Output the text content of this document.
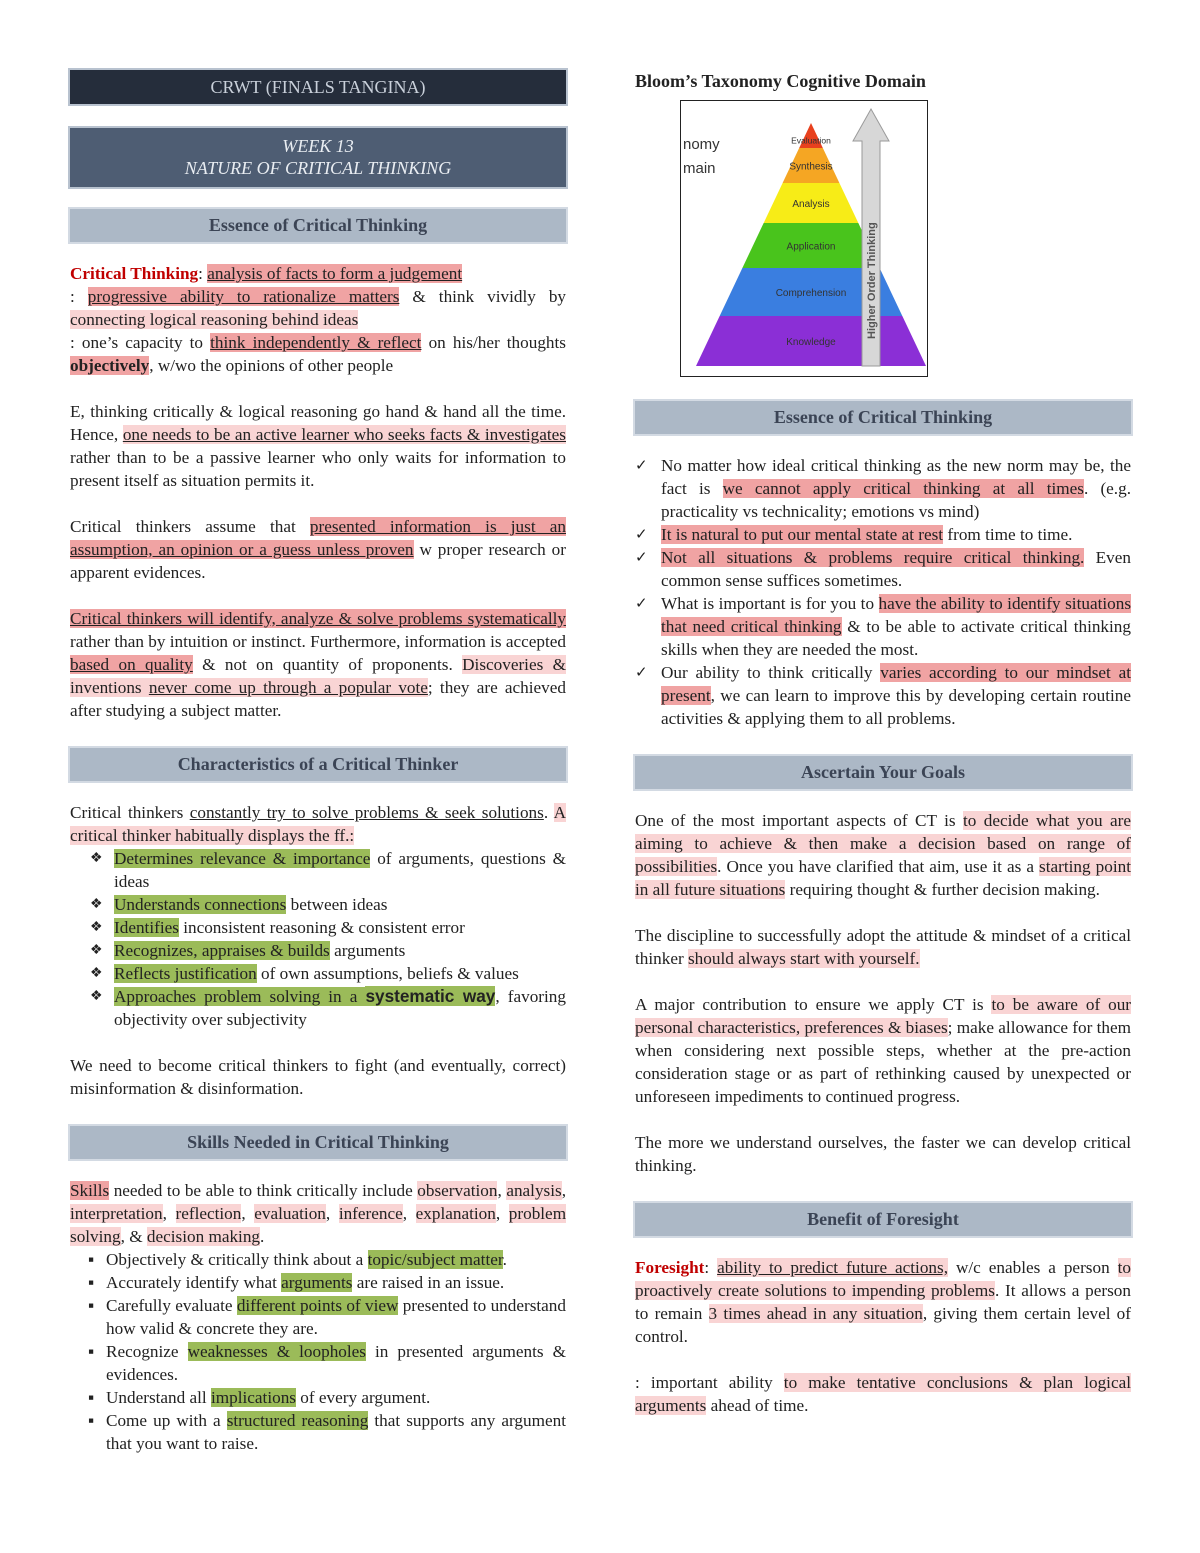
CRWT (FINALS TANGINA)
WEEK 13
NATURE OF CRITICAL THINKING
Essence of Critical Thinking

Critical Thinking: analysis of facts to form a judgement
: progressive ability to rationalize matters & think vividly by connecting logical reasoning behind ideas
: one’s capacity to think independently & reflect on his/her thoughts objectively, w/wo the opinions of other people

E, thinking critically & logical reasoning go hand & hand all the time. Hence, one needs to be an active learner who seeks facts & investigates rather than to be a passive learner who only waits for information to present itself as situation permits it.

Critical thinkers assume that presented information is just an assumption, an opinion or a guess unless proven w proper research or apparent evidences.

Critical thinkers will identify, analyze & solve problems systematically rather than by intuition or instinct. Furthermore, information is accepted based on quality & not on quantity of proponents. Discoveries & inventions never come up through a popular vote; they are achieved after studying a subject matter.

Characteristics of a Critical Thinker

Critical thinkers constantly try to solve problems & seek solutions. A critical thinker habitually displays the ff.:

❖ Determines relevance & importance of arguments, questions & ideas
❖ Understands connections between ideas
❖ Identifies inconsistent reasoning & consistent error
❖ Recognizes, appraises & builds arguments
❖ Reflects justification of own assumptions, beliefs & values
❖ Approaches problem solving in a systematic way, favoring objectivity over subjectivity

We need to become critical thinkers to fight (and eventually, correct) misinformation & disinformation.

Skills Needed in Critical Thinking

Skills needed to be able to think critically include observation, analysis, interpretation, reflection, evaluation, inference, explanation, problem solving, & decision making.

▪ Objectively & critically think about a topic/subject matter.
▪ Accurately identify what arguments are raised in an issue.
▪ Carefully evaluate different points of view presented to understand how valid & concrete they are.
▪ Recognize weaknesses & loopholes in presented arguments & evidences.
▪ Understand all implications of every argument.
▪ Come up with a structured reasoning that supports any argument that you want to raise.

Bloom’s Taxonomy Cognitive Domain

nomy
main
Evaluation
Synthesis
Analysis
Application
Comprehension
Knowledge
Higher Order Thinking
Essence of Critical Thinking
✓ No matter how ideal critical thinking as the new norm may be, the fact is we cannot apply critical thinking at all times. (e.g. practicality vs technicality; emotions vs mind)
✓ It is natural to put our mental state at rest from time to time.
✓ Not all situations & problems require critical thinking. Even common sense suffices sometimes.
✓ What is important is for you to have the ability to identify situations that need critical thinking & to be able to activate critical thinking skills when they are needed the most.
✓ Our ability to think critically varies according to our mindset at present, we can learn to improve this by developing certain routine activities & applying them to all problems.
Ascertain Your Goals

One of the most important aspects of CT is to decide what you are aiming to achieve & then make a decision based on range of possibilities. Once you have clarified that aim, use it as a starting point in all future situations requiring thought & further decision making.

The discipline to successfully adopt the attitude & mindset of a critical thinker should always start with yourself.

A major contribution to ensure we apply CT is to be aware of our personal characteristics, preferences & biases; make allowance for them when considering next possible steps, whether at the pre-action consideration stage or as part of rethinking caused by unexpected or unforeseen impediments to continued progress.

The more we understand ourselves, the faster we can develop critical thinking.

Benefit of Foresight

Foresight: ability to predict future actions, w/c enables a person to proactively create solutions to impending problems. It allows a person to remain 3 times ahead in any situation, giving them certain level of control.

: important ability to make tentative conclusions & plan logical arguments ahead of time.
